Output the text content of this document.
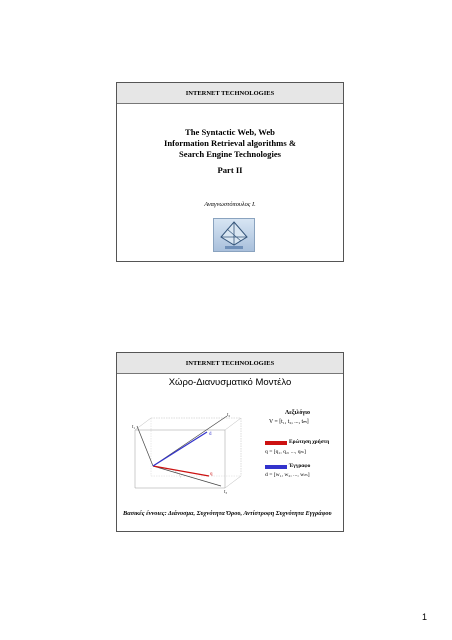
INTERNET TECHNOLOGIES
The Syntactic Web, Web
Information Retrieval algorithms &
Search Engine Technologies
Part II
Αναγνωστόπουλος Ι.
INTERNET TECHNOLOGIES
Χώρο-Διανυσματικό Μοντέλο
t₁
t₂
t₃
q
d
Λεξιλόγιο
V = [t₁, t₂, ..., tₘ]
Ερώτηση χρήστη
q = [q₁, q₂, ..., qₘ]
Έγγραφο
d = [w₁, w₂, ..., wₘ]
Βασικές έννοιες: Διάνυσμα, Συχνότητα Όρου, Αντίστροφη Συχνότητα Εγγράφου
1
